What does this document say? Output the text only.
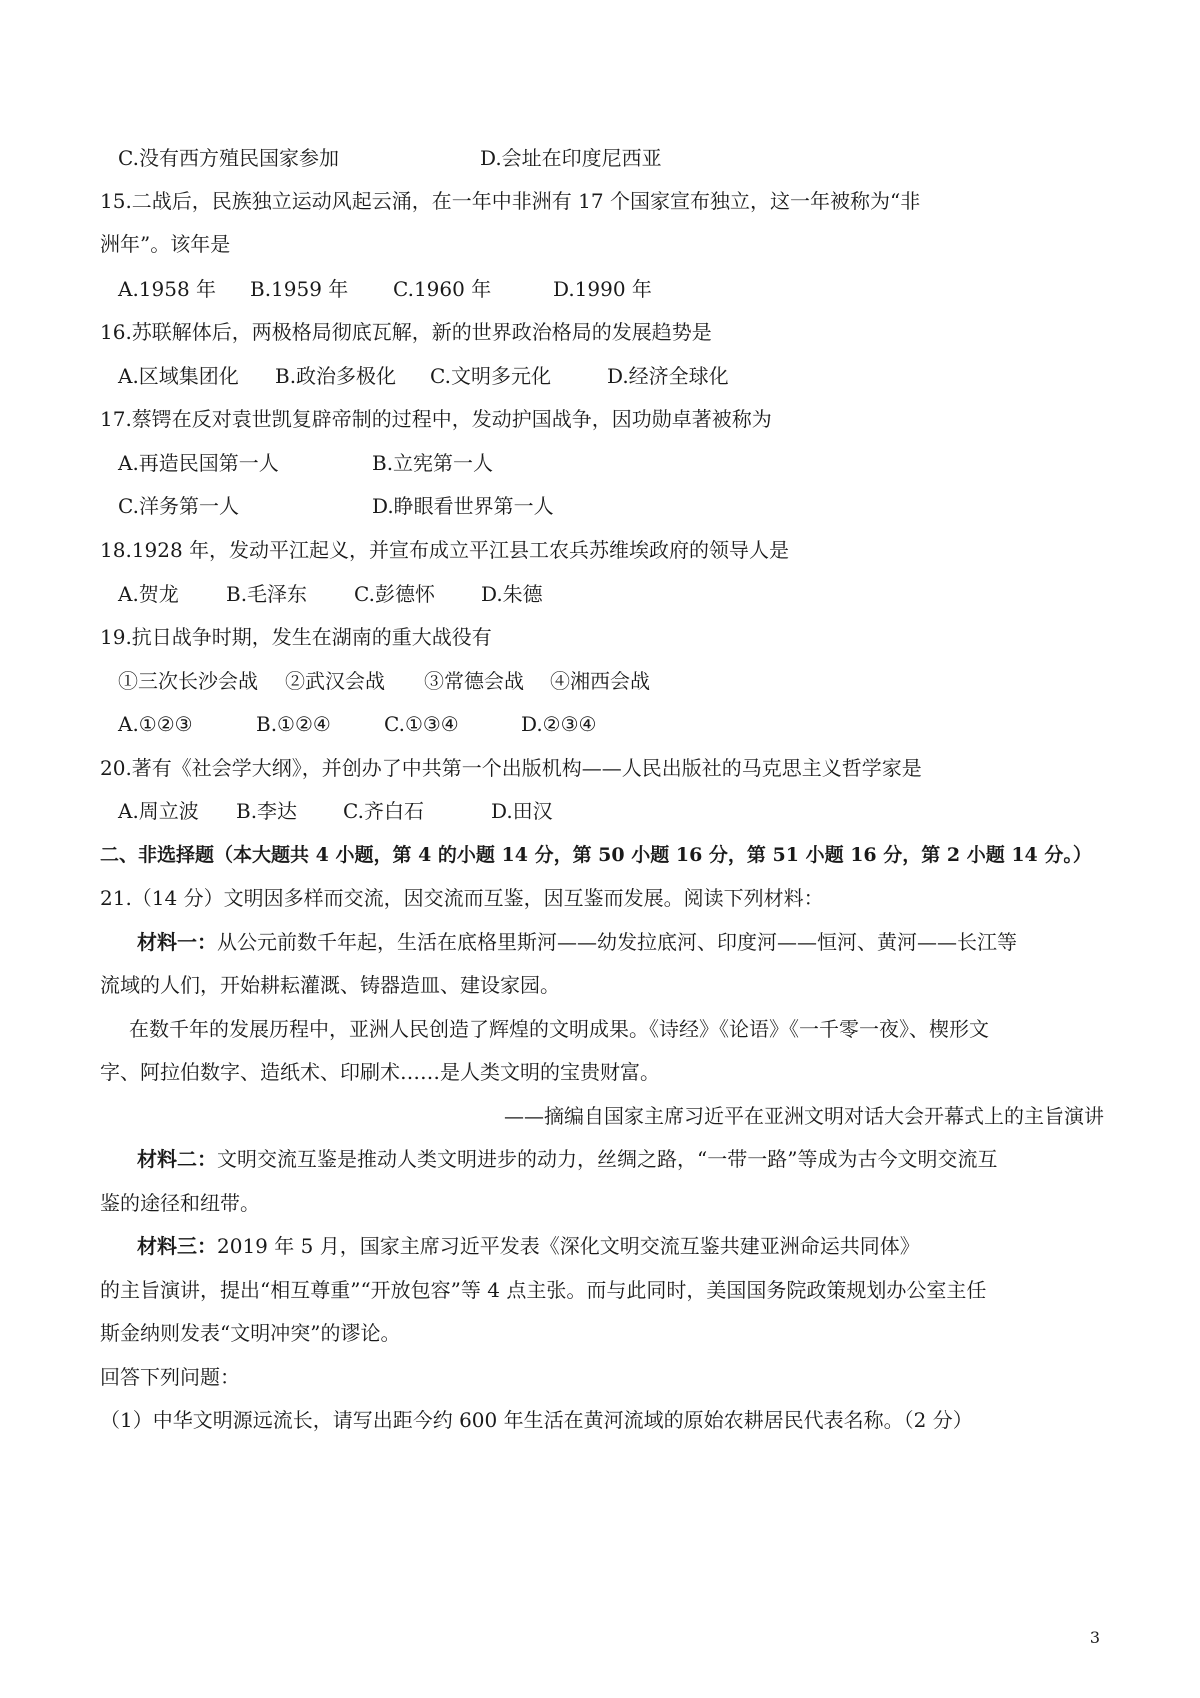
C.没有西方殖民国家参加	D.会址在印度尼西亚
15.二战后，民族独立运动风起云涌，在一年中非洲有 17 个国家宣布独立，这一年被称为“非
洲年”。该年是
A.1958 年 B.1959 年 C.1960 年	D.1990 年
16.苏联解体后，两极格局彻底瓦解，新的世界政治格局的发展趋势是
A.区域集团化 B.政治多极化 C.文明多元化	D.经济全球化
17.蔡锷在反对袁世凯复辟帝制的过程中，发动护国战争，因功勋卓著被称为
A.再造民国第一人	B.立宪第一人
C.洋务第一人	D.睁眼看世界第一人
18.1928 年，发动平江起义，并宣布成立平江县工农兵苏维埃政府的领导人是
A.贺龙 B.毛泽东 C.彭德怀 D.朱德
19.抗日战争时期，发生在湖南的重大战役有
①三次长沙会战 ②武汉会战 ③常德会战 ④湘西会战
A.①②③	B.①②④	C.①③④	D.②③④
20.著有《社会学大纲》，并创办了中共第一个出版机构——人民出版社的马克思主义哲学家是
A.周立波 B.李达 C.齐白石	D.田汉
二、非选择题（本大题共 4 小题，第 4 的小题 14 分，第 50 小题 16 分，第 51 小题 16 分，第 2 小题 14 分。）
21.（14 分）文明因多样而交流，因交流而互鉴，因互鉴而发展。阅读下列材料：
材料一：从公元前数千年起，生活在底格里斯河——幼发拉底河、印度河——恒河、黄河——长江等
流域的人们，开始耕耘灌溉、铸器造皿、建设家园。
在数千年的发展历程中，亚洲人民创造了辉煌的文明成果。《诗经》《论语》《一千零一夜》、楔形文
字、阿拉伯数字、造纸术、印刷术……是人类文明的宝贵财富。
——摘编自国家主席习近平在亚洲文明对话大会开幕式上的主旨演讲
材料二：文明交流互鉴是推动人类文明进步的动力，丝绸之路，“一带一路”等成为古今文明交流互
鉴的途径和纽带。
材料三：2019 年 5 月，国家主席习近平发表《深化文明交流互鉴共建亚洲命运共同体》
的主旨演讲，提出“相互尊重”“开放包容”等 4 点主张。而与此同时，美国国务院政策规划办公室主任
斯金纳则发表“文明冲突”的谬论。
回答下列问题：
（1）中华文明源远流长，请写出距今约 600 年生活在黄河流域的原始农耕居民代表名称。（2 分）
3
